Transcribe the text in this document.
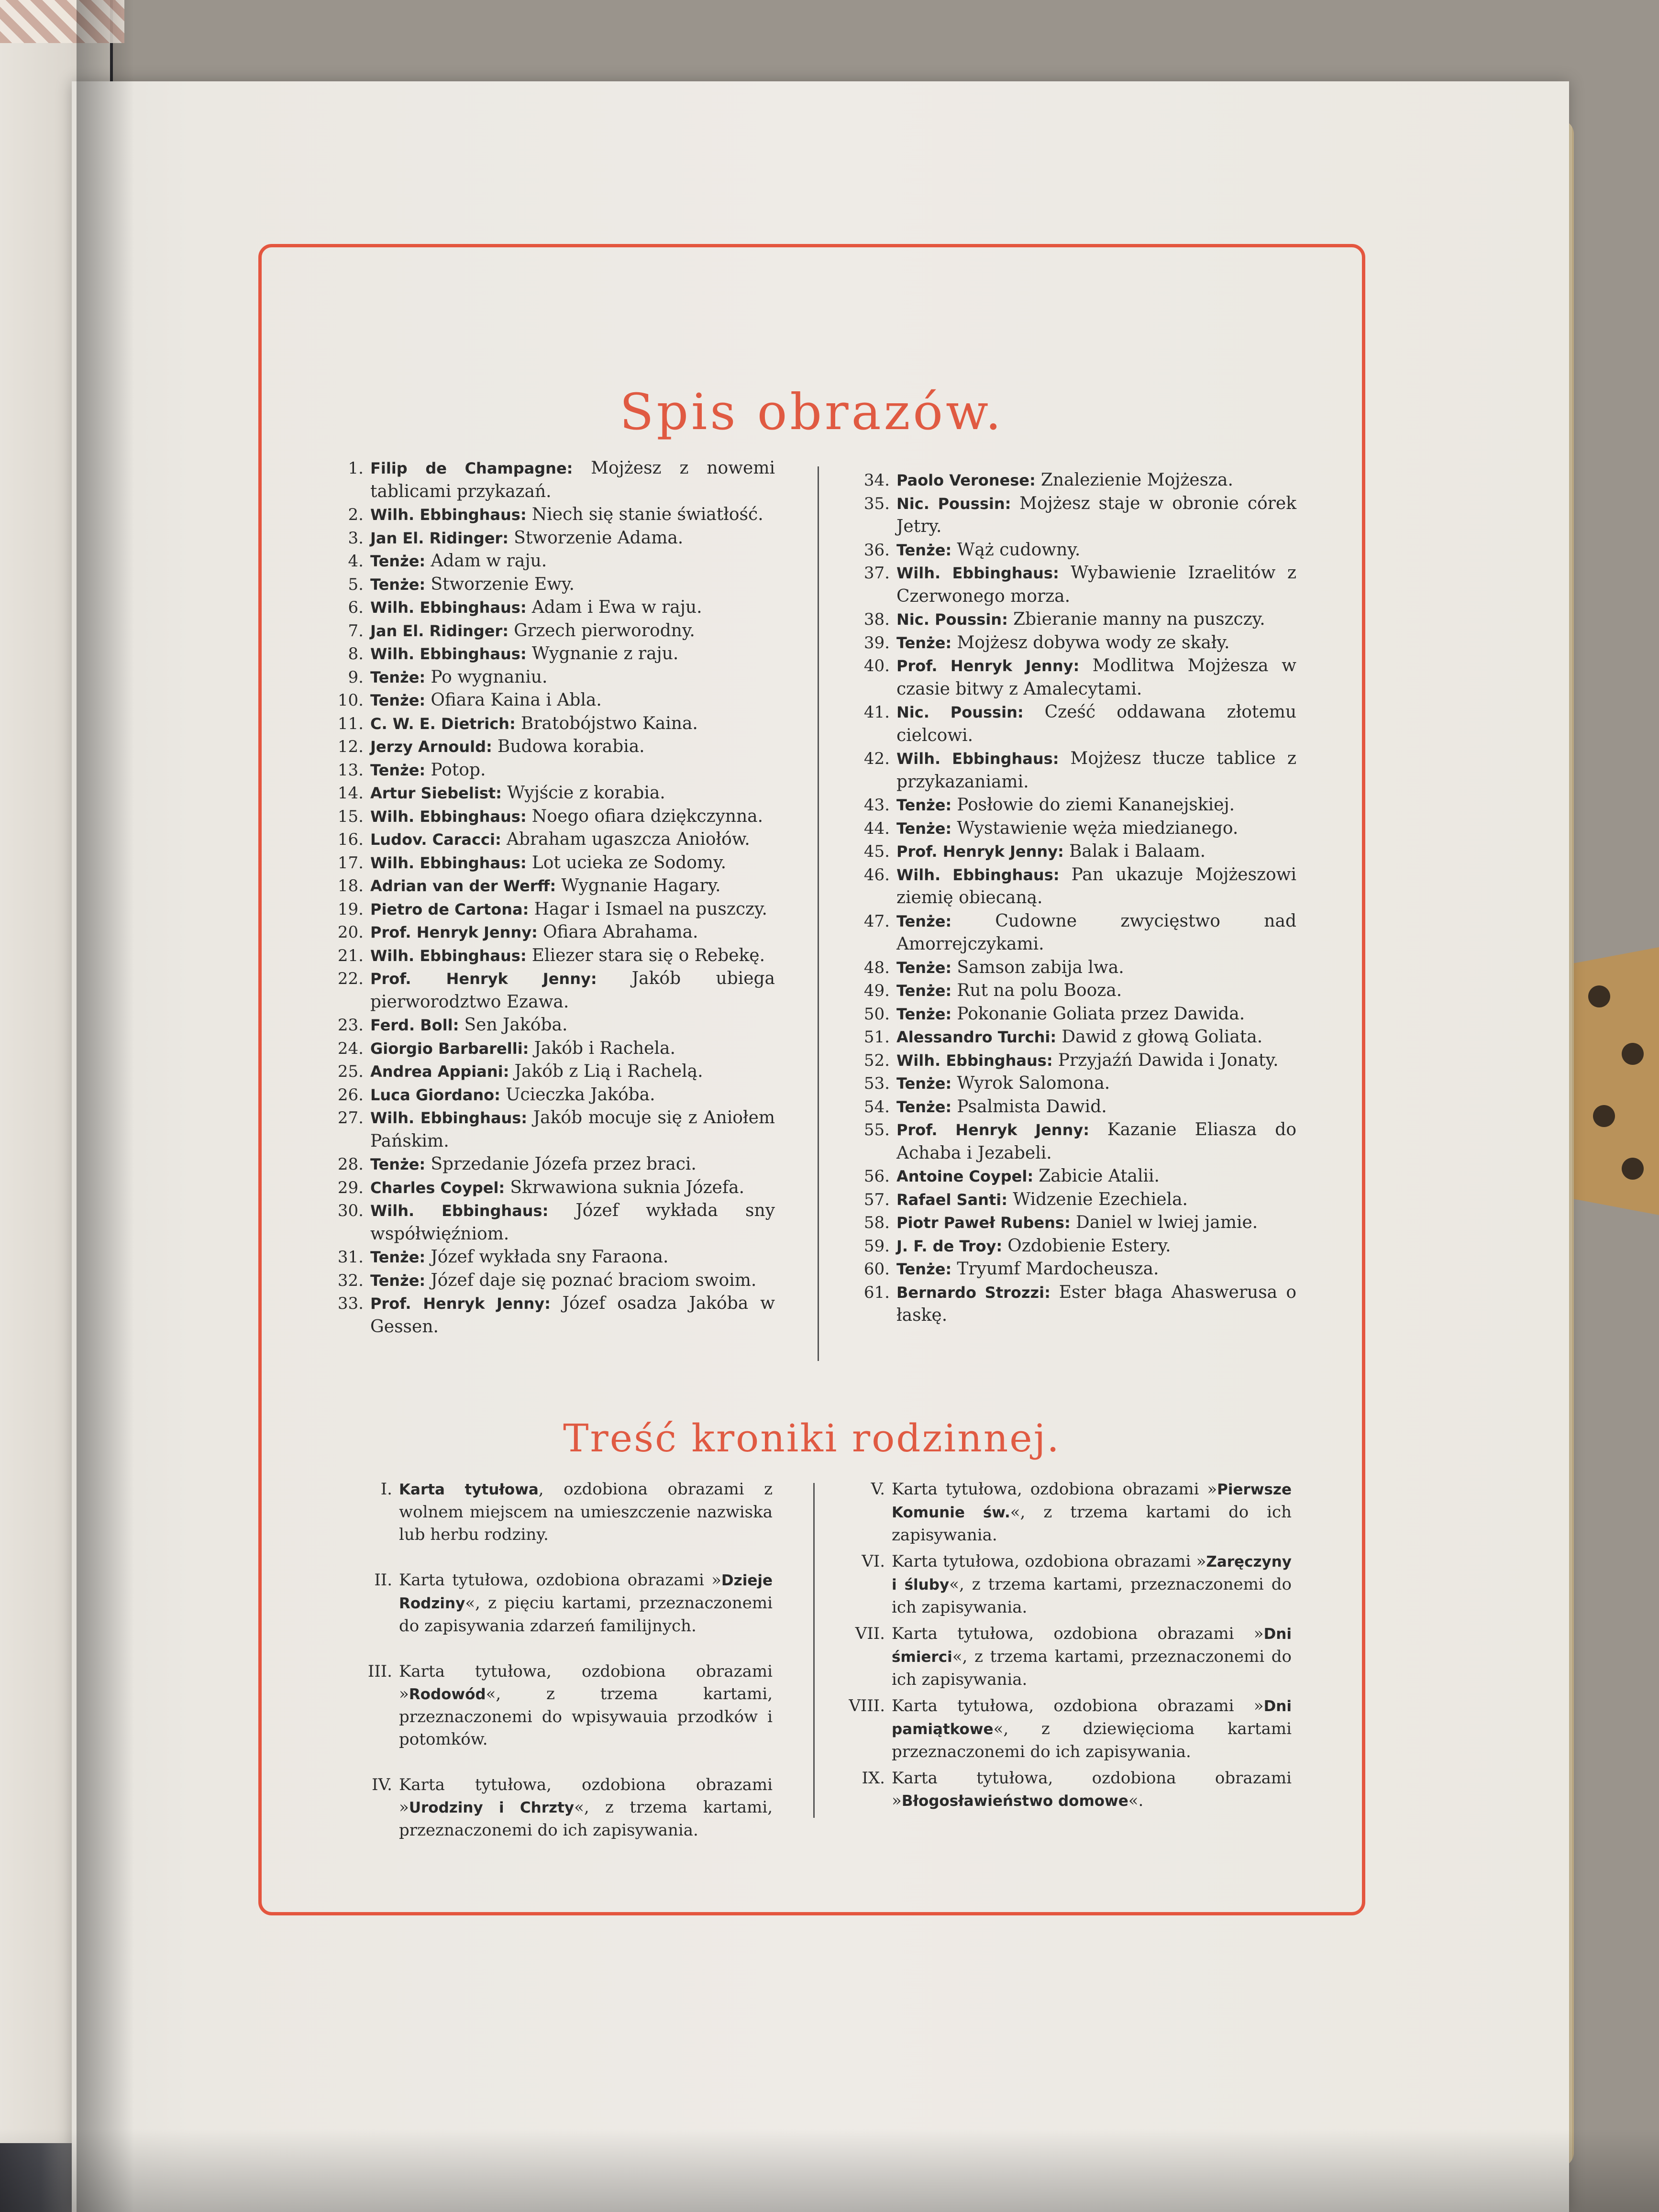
Spis obrazów.
1. Filip de Champagne: Mojżesz z nowemi tablicami przykazań.
2. Wilh. Ebbinghaus: Niech się stanie światłość.
3. Jan El. Ridinger: Stworzenie Adama.
4. Tenże: Adam w raju.
5. Tenże: Stworzenie Ewy.
6. Wilh. Ebbinghaus: Adam i Ewa w raju.
7. Jan El. Ridinger: Grzech pierworodny.
8. Wilh. Ebbinghaus: Wygnanie z raju.
9. Tenże: Po wygnaniu.
10. Tenże: Ofiara Kaina i Abla.
11. C. W. E. Dietrich: Bratobójstwo Kaina.
12. Jerzy Arnould: Budowa korabia.
13. Tenże: Potop.
14. Artur Siebelist: Wyjście z korabia.
15. Wilh. Ebbinghaus: Noego ofiara dziękczynna.
16. Ludov. Caracci: Abraham ugaszcza Aniołów.
17. Wilh. Ebbinghaus: Lot ucieka ze Sodomy.
18. Adrian van der Werff: Wygnanie Hagary.
19. Pietro de Cartona: Hagar i Ismael na puszczy.
20. Prof. Henryk Jenny: Ofiara Abrahama.
21. Wilh. Ebbinghaus: Eliezer stara się o Rebekę.
22. Prof. Henryk Jenny: Jakób ubiega pierworodztwo Ezawa.
23. Ferd. Boll: Sen Jakóba.
24. Giorgio Barbarelli: Jakób i Rachela.
25. Andrea Appiani: Jakób z Lią i Rachelą.
26. Luca Giordano: Ucieczka Jakóba.
27. Wilh. Ebbinghaus: Jakób mocuje się z Aniołem Pańskim.
28. Tenże: Sprzedanie Józefa przez braci.
29. Charles Coypel: Skrwawiona suknia Józefa.
30. Wilh. Ebbinghaus: Józef wykłada sny współwięźniom.
31. Tenże: Józef wykłada sny Faraona.
32. Tenże: Józef daje się poznać braciom swoim.
33. Prof. Henryk Jenny: Józef osadza Jakóba w Gessen.
34. Paolo Veronese: Znalezienie Mojżesza.
35. Nic. Poussin: Mojżesz staje w obronie córek Jetry.
36. Tenże: Wąż cudowny.
37. Wilh. Ebbinghaus: Wybawienie Izraelitów z Czerwonego morza.
38. Nic. Poussin: Zbieranie manny na puszczy.
39. Tenże: Mojżesz dobywa wody ze skały.
40. Prof. Henryk Jenny: Modlitwa Mojżesza w czasie bitwy z Amalecytami.
41. Nic. Poussin: Cześć oddawana złotemu cielcowi.
42. Wilh. Ebbinghaus: Mojżesz tłucze tablice z przykazaniami.
43. Tenże: Posłowie do ziemi Kananejskiej.
44. Tenże: Wystawienie węża miedzianego.
45. Prof. Henryk Jenny: Balak i Balaam.
46. Wilh. Ebbinghaus: Pan ukazuje Mojżeszowi ziemię obiecaną.
47. Tenże: Cudowne zwycięstwo nad Amorrejczykami.
48. Tenże: Samson zabija lwa.
49. Tenże: Rut na polu Booza.
50. Tenże: Pokonanie Goliata przez Dawida.
51. Alessandro Turchi: Dawid z głową Goliata.
52. Wilh. Ebbinghaus: Przyjaźń Dawida i Jonaty.
53. Tenże: Wyrok Salomona.
54. Tenże: Psalmista Dawid.
55. Prof. Henryk Jenny: Kazanie Eliasza do Achaba i Jezabeli.
56. Antoine Coypel: Zabicie Atalii.
57. Rafael Santi: Widzenie Ezechiela.
58. Piotr Paweł Rubens: Daniel w lwiej jamie.
59. J. F. de Troy: Ozdobienie Estery.
60. Tenże: Tryumf Mardocheusza.
61. Bernardo Strozzi: Ester błaga Ahaswerusa o łaskę.
Treść kroniki rodzinnej.
I. Karta tytułowa, ozdobiona obrazami z wolnem miejscem na umieszczenie nazwiska lub herbu rodziny.
II. Karta tytułowa, ozdobiona obrazami »Dzieje Rodziny«, z pięciu kartami, przeznaczonemi do zapisywania zdarzeń familijnych.
III. Karta tytułowa, ozdobiona obrazami »Rodowód«, z trzema kartami, przeznaczonemi do wpisywauia przodków i potomków.
IV. Karta tytułowa, ozdobiona obrazami »Urodziny i Chrzty«, z trzema kartami, przeznaczonemi do ich zapisywania.
V. Karta tytułowa, ozdobiona obrazami »Pierwsze Komunie św.«, z trzema kartami do ich zapisywania.
VI. Karta tytułowa, ozdobiona obrazami »Zaręczyny i śluby«, z trzema kartami, przeznaczonemi do ich zapisywania.
VII. Karta tytułowa, ozdobiona obrazami »Dni śmierci«, z trzema kartami, przeznaczonemi do ich zapisywania.
VIII. Karta tytułowa, ozdobiona obrazami »Dni pamiątkowe«, z dziewięcioma kartami przeznaczonemi do ich zapisywania.
IX. Karta tytułowa, ozdobiona obrazami »Błogosławieństwo domowe«.
